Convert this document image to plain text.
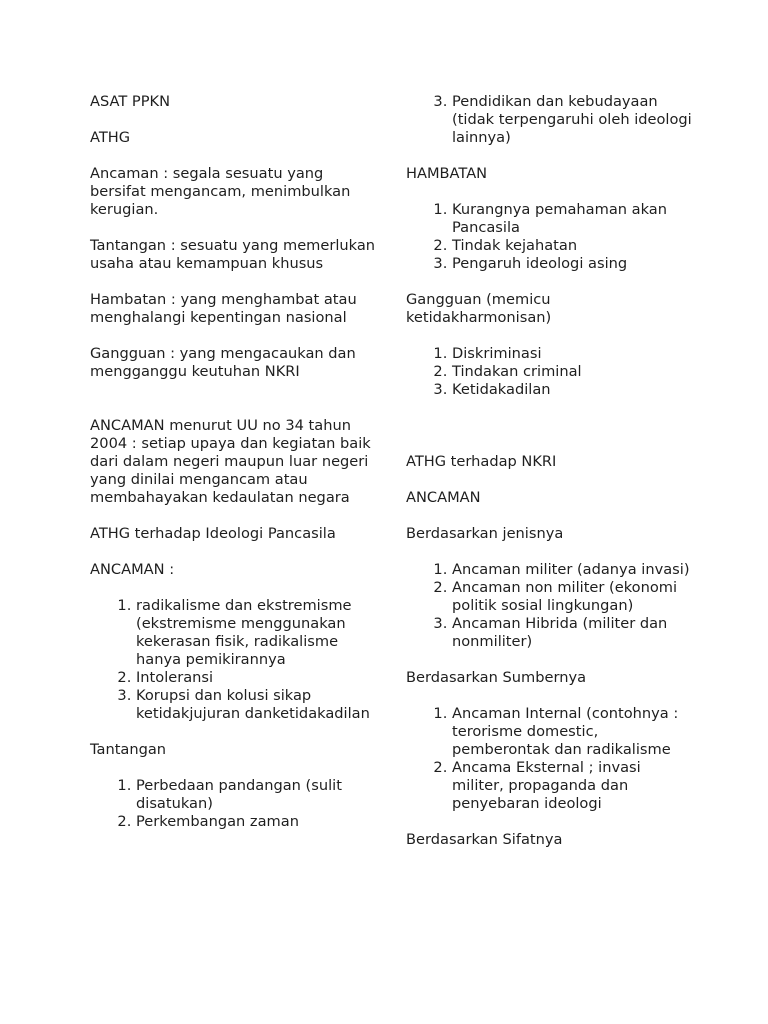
ASAT PPKN

ATHG

Ancaman : segala sesuatu yang bersifat mengancam, menimbulkan kerugian.

Tantangan : sesuatu yang memerlukan usaha atau kemampuan khusus

Hambatan : yang menghambat atau menghalangi kepentingan nasional

Gangguan : yang mengacaukan dan mengganggu keutuhan NKRI

ANCAMAN menurut UU no 34 tahun 2004 : setiap upaya dan kegiatan baik dari dalam negeri maupun luar negeri yang dinilai mengancam atau membahayakan kedaulatan negara

ATHG terhadap Ideologi Pancasila

ANCAMAN :

1. radikalisme dan ekstremisme (ekstremisme menggunakan kekerasan fisik, radikalisme hanya pemikirannya
2. Intoleransi
3. Korupsi dan kolusi sikap ketidakjujuran danketidakadilan

Tantangan

1. Perbedaan pandangan (sulit disatukan)
2. Perkembangan zaman
3. Pendidikan dan kebudayaan (tidak terpengaruhi oleh ideologi lainnya)

HAMBATAN

1. Kurangnya pemahaman akan Pancasila
2. Tindak kejahatan
3. Pengaruh ideologi asing

Gangguan (memicu ketidakharmonisan)

1. Diskriminasi
2. Tindakan criminal
3. Ketidakadilan

ATHG terhadap NKRI

ANCAMAN

Berdasarkan jenisnya

1. Ancaman militer (adanya invasi)
2. Ancaman non militer (ekonomi politik sosial lingkungan)
3. Ancaman Hibrida (militer dan nonmiliter)

Berdasarkan Sumbernya

1. Ancaman Internal (contohnya : terorisme domestic, pemberontak dan radikalisme
2. Ancama Eksternal ; invasi militer, propaganda dan penyebaran ideologi

Berdasarkan Sifatnya
